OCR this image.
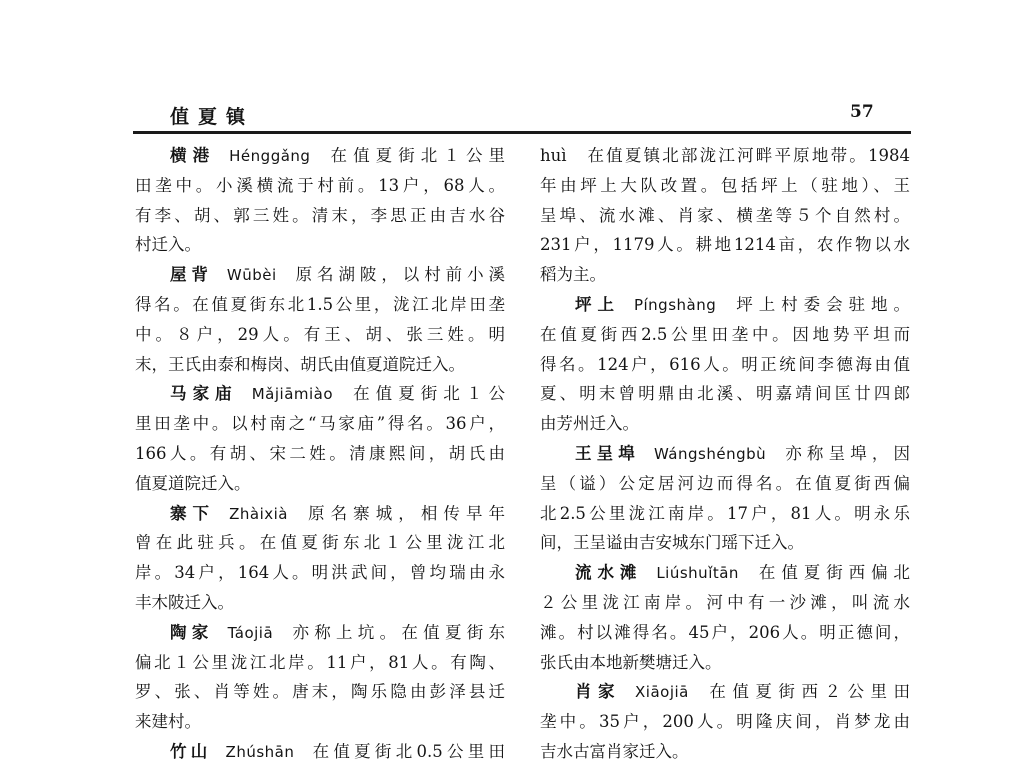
值夏镇	57
横港 Hénggǎng 在值夏街北１公里
田垄中。小溪横流于村前。13户，68人。
有李、胡、郭三姓。清末，李思正由吉水谷
村迁入。
屋背 Wūbèi 原名湖陂，以村前小溪
得名。在值夏街东北1.5公里，泷江北岸田垄
中。８户，29人。有王、胡、张三姓。明
末，王氏由泰和梅岗、胡氏由值夏道院迁入。
马家庙 Mǎjiāmiào 在值夏街北１公
里田垄中。以村南之“马家庙”得名。36户，
166人。有胡、宋二姓。清康熙间，胡氏由
值夏道院迁入。
寨下 Zhàixià 原名寨城，相传早年
曾在此驻兵。在值夏街东北１公里泷江北
岸。34户，164人。明洪武间，曾均瑞由永
丰木陂迁入。
陶家 Táojiā 亦称上坑。在值夏街东
偏北１公里泷江北岸。11户，81人。有陶、
罗、张、肖等姓。唐末，陶乐隐由彭泽县迁
来建村。
竹山 Zhúshān 在值夏街北0.5公里田
huì　在值夏镇北部泷江河畔平原地带。1984
年由坪上大队改置。包括坪上（驻地）、王
呈埠、流水滩、肖家、横垄等５个自然村。
231户，1179人。耕地1214亩，农作物以水
稻为主。
坪上 Píngshàng 坪上村委会驻地。
在值夏街西2.5公里田垄中。因地势平坦而
得名。124户，616人。明正统间李德海由值
夏、明末曾明鼎由北溪、明嘉靖间匡廿四郎
由芳州迁入。
王呈埠 Wángshéngbù 亦称呈埠，因
呈（谥）公定居河边而得名。在值夏街西偏
北2.5公里泷江南岸。17户，81人。明永乐
间，王呈谥由吉安城东门瑶下迁入。
流水滩 Liúshuǐtān 在值夏街西偏北
２公里泷江南岸。河中有一沙滩，叫流水
滩。村以滩得名。45户，206人。明正德间，
张氏由本地新樊塘迁入。
肖家 Xiāojiā 在值夏街西２公里田
垄中。35户，200人。明隆庆间，肖梦龙由
吉水古富肖家迁入。
